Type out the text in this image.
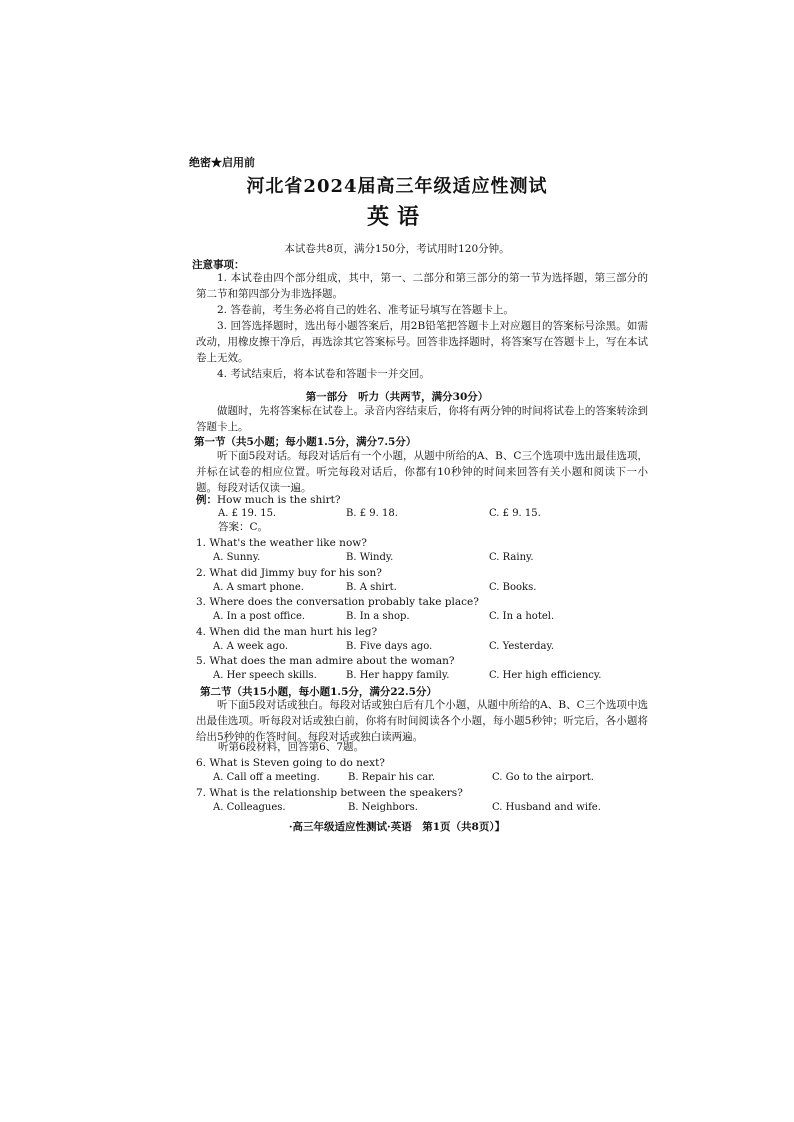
绝密★启用前
河北省2024届高三年级适应性测试
英语
本试卷共8页，满分150分，考试用时120分钟。
注意事项：

1. 本试卷由四个部分组成，其中，第一、二部分和第三部分的第一节为选择题，第三部分的第二节和第四部分为非选择题。

2. 答卷前，考生务必将自己的姓名、准考证号填写在答题卡上。

3. 回答选择题时，选出每小题答案后，用2B铅笔把答题卡上对应题目的答案标号涂黑。如需改动，用橡皮擦干净后，再选涂其它答案标号。回答非选择题时，将答案写在答题卡上，写在本试卷上无效。

4. 考试结束后，将本试卷和答题卡一并交回。

第一部分　听力（共两节，满分30分）

做题时，先将答案标在试卷上。录音内容结束后，你将有两分钟的时间将试卷上的答案转涂到答题卡上。

第一节（共5小题；每小题1.5分，满分7.5分）

听下面5段对话。每段对话后有一个小题，从题中所给的A、B、C三个选项中选出最佳选项，并标在试卷的相应位置。听完每段对话后，你都有10秒钟的时间来回答有关小题和阅读下一小题。每段对话仅读一遍。

例：How much is the shirt?
A. £ 19. 15.	B. £ 9. 18.	C. £ 9. 15.
答案：C。
1. What's the weather like now?
A. Sunny.	B. Windy.	C. Rainy.
2. What did Jimmy buy for his son?
A. A smart phone.	B. A shirt.	C. Books.
3. Where does the conversation probably take place?
A. In a post office.	B. In a shop.	C. In a hotel.
4. When did the man hurt his leg?
A. A week ago.	B. Five days ago.	C. Yesterday.
5. What does the man admire about the woman?
A. Her speech skills.	B. Her happy family.	C. Her high efficiency.
第二节（共15小题，每小题1.5分，满分22.5分）

听下面5段对话或独白。每段对话或独白后有几个小题，从题中所给的A、B、C三个选项中选出最佳选项。听每段对话或独白前，你将有时间阅读各个小题，每小题5秒钟；听完后，各小题将给出5秒钟的作答时间。每段对话或独白读两遍。

听第6段材料，回答第6、7题。
6. What is Steven going to do next?
A. Call off a meeting.	B. Repair his car.	C. Go to the airport.
7. What is the relationship between the speakers?
A. Colleagues.	B. Neighbors.	C. Husband and wife.
·高三年级适应性测试·英语　第1页（共8页）】
